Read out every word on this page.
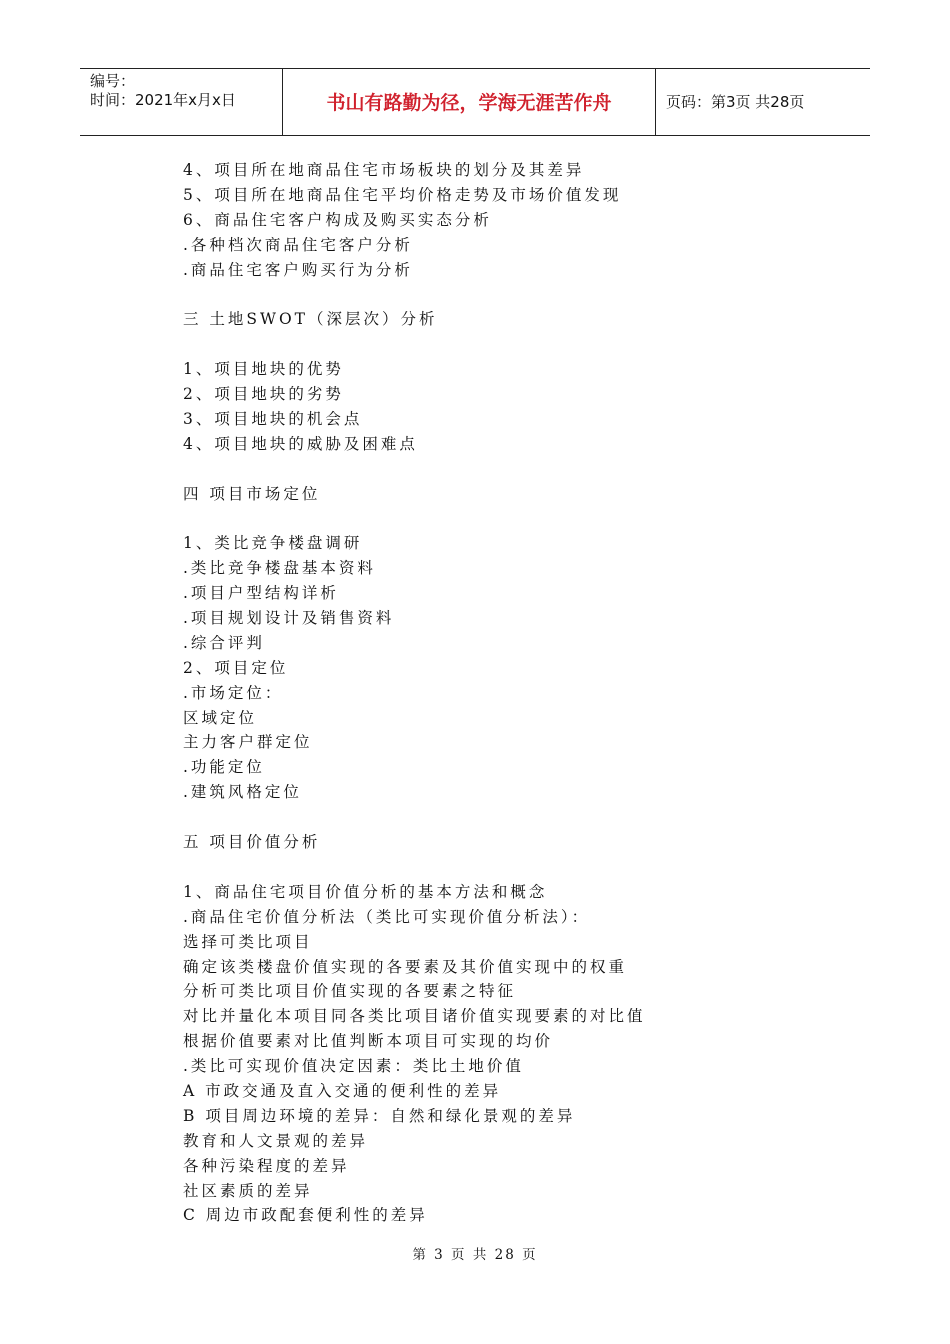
编号：
时间：2021年x月x日	书山有路勤为径，学海无涯苦作舟	页码：第3页 共28页
4、项目所在地商品住宅市场板块的划分及其差异
5、项目所在地商品住宅平均价格走势及市场价值发现
6、商品住宅客户构成及购买实态分析
.各种档次商品住宅客户分析
.商品住宅客户购买行为分析

三 土地SWOT（深层次）分析

1、项目地块的优势
2、项目地块的劣势
3、项目地块的机会点
4、项目地块的威胁及困难点

四 项目市场定位

1、类比竞争楼盘调研
.类比竞争楼盘基本资料
.项目户型结构详析
.项目规划设计及销售资料
.综合评判
2、项目定位
.市场定位：
区域定位
主力客户群定位
.功能定位
.建筑风格定位

五 项目价值分析

1、商品住宅项目价值分析的基本方法和概念
.商品住宅价值分析法（类比可实现价值分析法）：
选择可类比项目
确定该类楼盘价值实现的各要素及其价值实现中的权重
分析可类比项目价值实现的各要素之特征
对比并量化本项目同各类比项目诸价值实现要素的对比值
根据价值要素对比值判断本项目可实现的均价
.类比可实现价值决定因素：类比土地价值
A 市政交通及直入交通的便利性的差异
B 项目周边环境的差异：自然和绿化景观的差异
教育和人文景观的差异
各种污染程度的差异
社区素质的差异
C 周边市政配套便利性的差异
第 3 页 共 28 页
